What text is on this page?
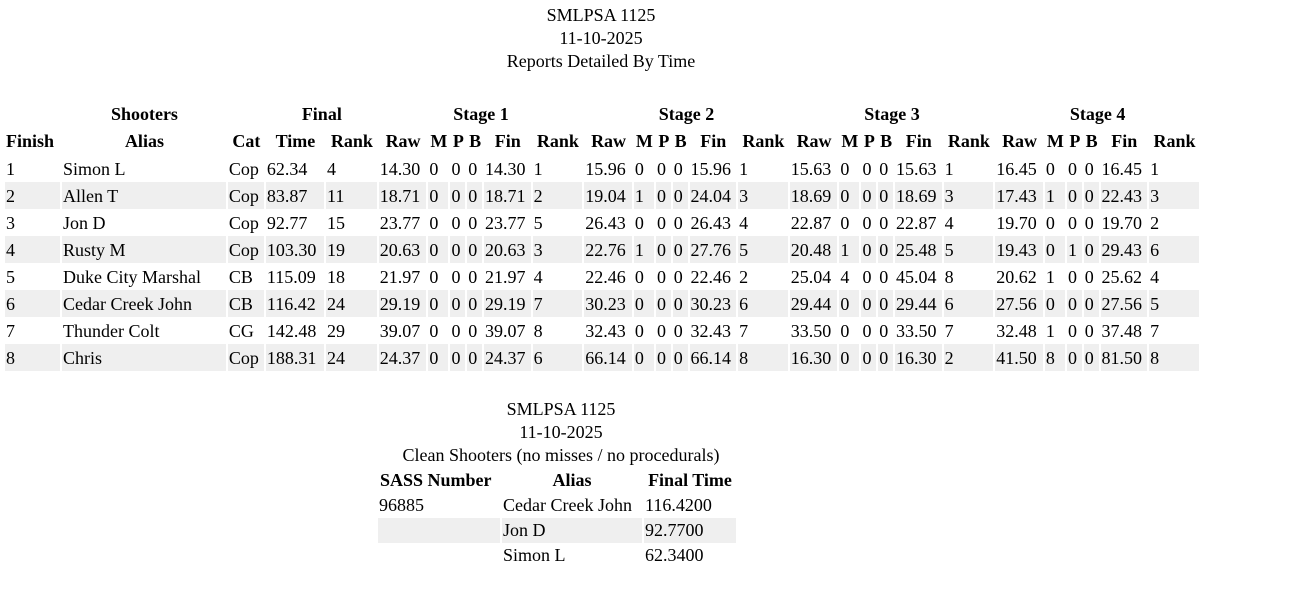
SMLPSA 1125
11-10-2025
Reports Detailed By Time
	Shooters		Final		Stage 1						Stage 2						Stage 3						Stage 4					
Finish	Alias	Cat	Time	Rank	Raw	M	P	B	Fin	Rank	Raw	M	P	B	Fin	Rank	Raw	M	P	B	Fin	Rank	Raw	M	P	B	Fin	Rank
1	Simon L	Cop	62.34	4	14.30	0	0	0	14.30	1	15.96	0	0	0	15.96	1	15.63	0	0	0	15.63	1	16.45	0	0	0	16.45	1
2	Allen T	Cop	83.87	11	18.71	0	0	0	18.71	2	19.04	1	0	0	24.04	3	18.69	0	0	0	18.69	3	17.43	1	0	0	22.43	3
3	Jon D	Cop	92.77	15	23.77	0	0	0	23.77	5	26.43	0	0	0	26.43	4	22.87	0	0	0	22.87	4	19.70	0	0	0	19.70	2
4	Rusty M	Cop	103.30	19	20.63	0	0	0	20.63	3	22.76	1	0	0	27.76	5	20.48	1	0	0	25.48	5	19.43	0	1	0	29.43	6
5	Duke City Marshal	CB	115.09	18	21.97	0	0	0	21.97	4	22.46	0	0	0	22.46	2	25.04	4	0	0	45.04	8	20.62	1	0	0	25.62	4
6	Cedar Creek John	CB	116.42	24	29.19	0	0	0	29.19	7	30.23	0	0	0	30.23	6	29.44	0	0	0	29.44	6	27.56	0	0	0	27.56	5
7	Thunder Colt	CG	142.48	29	39.07	0	0	0	39.07	8	32.43	0	0	0	32.43	7	33.50	0	0	0	33.50	7	32.48	1	0	0	37.48	7
8	Chris	Cop	188.31	24	24.37	0	0	0	24.37	6	66.14	0	0	0	66.14	8	16.30	0	0	0	16.30	2	41.50	8	0	0	81.50	8
SMLPSA 1125
11-10-2025
Clean Shooters (no misses / no procedurals)
SASS Number	Alias	Final Time
96885	Cedar Creek John	116.4200
	Jon D	92.7700
	Simon L	62.3400
